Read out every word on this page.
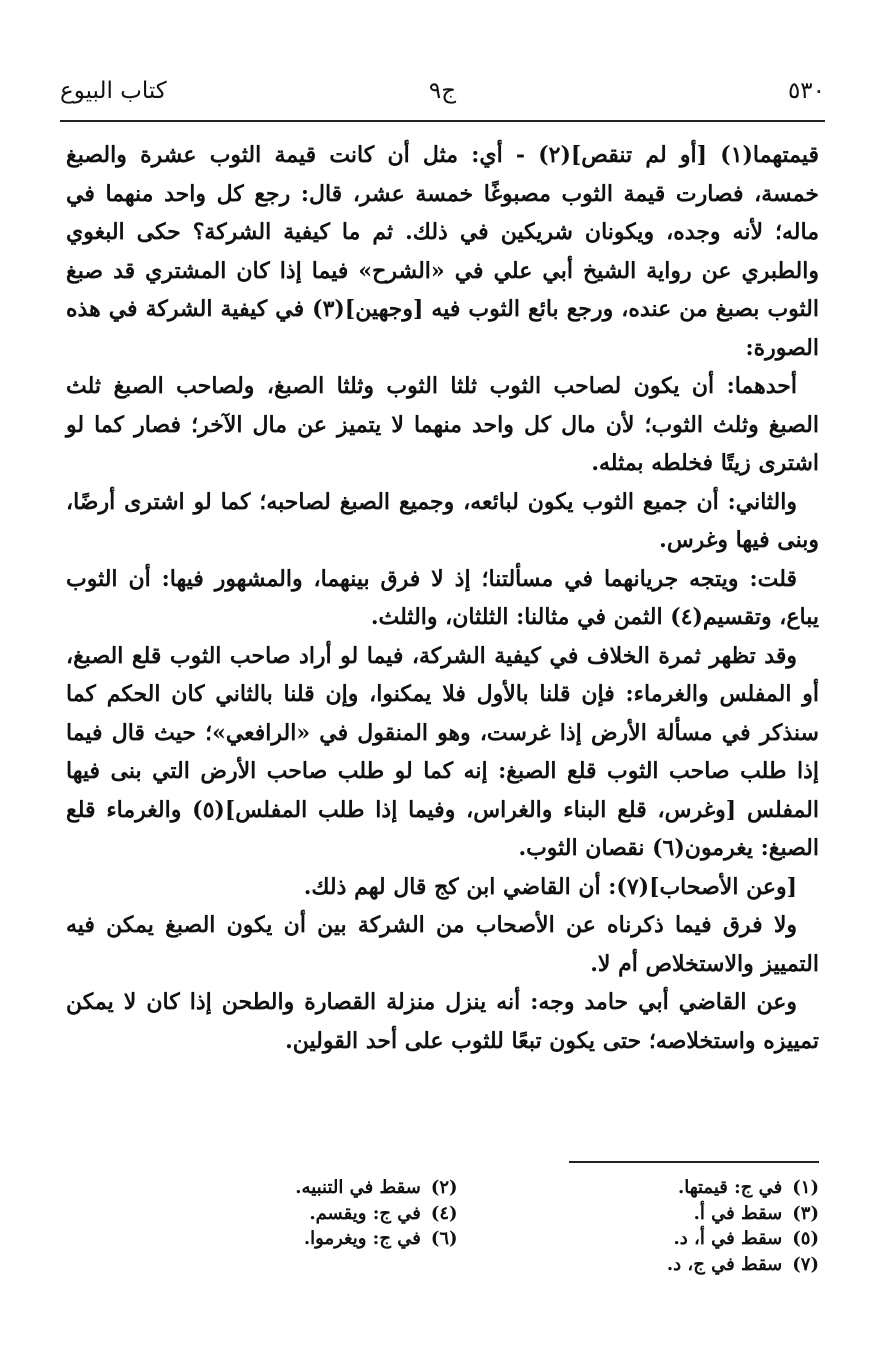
٥٣٠
ج٩
كتاب البيوع

قيمتهما(١) [أو لم تنقص](٢) - أي: مثل أن كانت قيمة الثوب عشرة والصبغ خمسة، فصارت قيمة الثوب مصبوغًا خمسة عشر، قال: رجع كل واحد منهما في ماله؛ لأنه وجده، ويكونان شريكين في ذلك. ثم ما كيفية الشركة؟ حكى البغوي والطبري عن رواية الشيخ أبي علي في «الشرح» فيما إذا كان المشتري قد صبغ الثوب بصبغ من عنده، ورجع بائع الثوب فيه [وجهين](٣) في كيفية الشركة في هذه الصورة:

أحدهما: أن يكون لصاحب الثوب ثلثا الثوب وثلثا الصبغ، ولصاحب الصبغ ثلث الصبغ وثلث الثوب؛ لأن مال كل واحد منهما لا يتميز عن مال الآخر؛ فصار كما لو اشترى زيتًا فخلطه بمثله.

والثاني: أن جميع الثوب يكون لبائعه، وجميع الصبغ لصاحبه؛ كما لو اشترى أرضًا، وبنى فيها وغرس.

قلت: ويتجه جريانهما في مسألتنا؛ إذ لا فرق بينهما، والمشهور فيها: أن الثوب يباع، وتقسيم(٤) الثمن في مثالنا: الثلثان، والثلث.

وقد تظهر ثمرة الخلاف في كيفية الشركة، فيما لو أراد صاحب الثوب قلع الصبغ، أو المفلس والغرماء: فإن قلنا بالأول فلا يمكنوا، وإن قلنا بالثاني كان الحكم كما سنذكر في مسألة الأرض إذا غرست، وهو المنقول في «الرافعي»؛ حيث قال فيما إذا طلب صاحب الثوب قلع الصبغ: إنه كما لو طلب صاحب الأرض التي بنى فيها المفلس [وغرس، قلع البناء والغراس، وفيما إذا طلب المفلس](٥) والغرماء قلع الصبغ: يغرمون(٦) نقصان الثوب.

[وعن الأصحاب](٧): أن القاضي ابن كج قال لهم ذلك.

ولا فرق فيما ذكرناه عن الأصحاب من الشركة بين أن يكون الصبغ يمكن فيه التمييز والاستخلاص أم لا.

وعن القاضي أبي حامد وجه: أنه ينزل منزلة القصارة والطحن إذا كان لا يمكن تمييزه واستخلاصه؛ حتى يكون تبعًا للثوب على أحد القولين.

(١)في ج: قيمتها.
(٢)سقط في التنبيه.
(٣)سقط في أ.
(٤)في ج: ويقسم.
(٥)سقط في أ، د.
(٦)في ج: ويغرموا.
(٧)سقط في ج، د.
